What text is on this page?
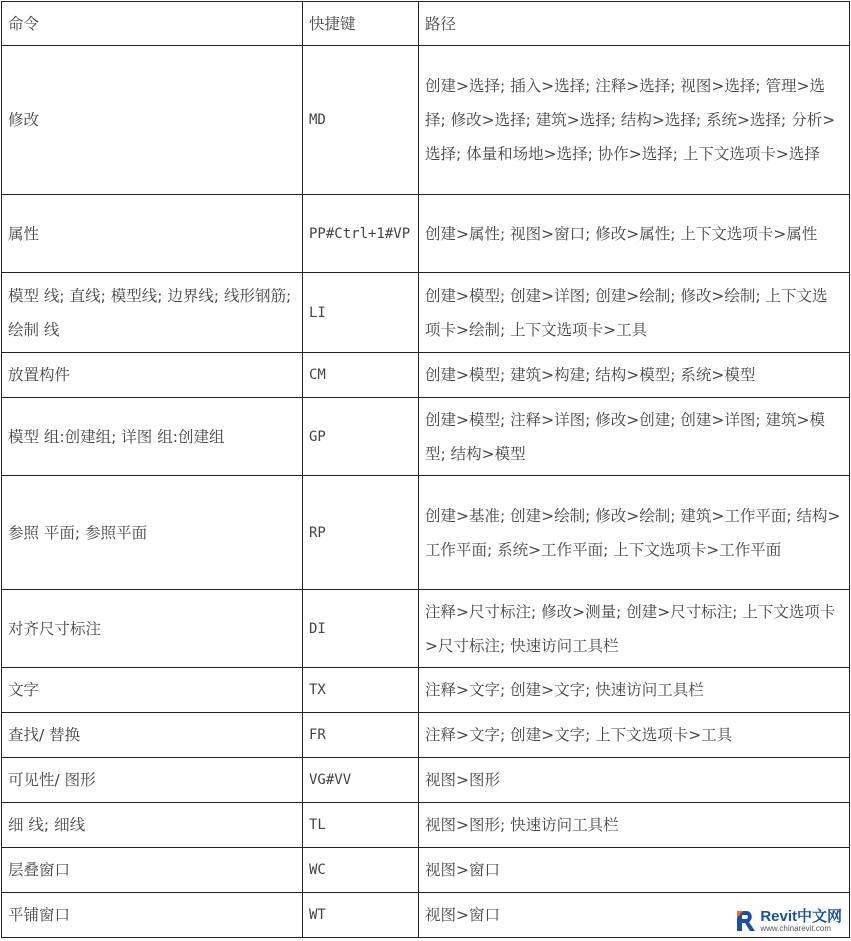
命令	快捷键	路径
修改	MD	创建>选择; 插入>选择; 注释>选择; 视图>选择; 管理>选择; 修改>选择; 建筑>选择; 结构>选择; 系统>选择; 分析>选择; 体量和场地>选择; 协作>选择; 上下文选项卡>选择
属性	PP#Ctrl+1#VP	创建>属性; 视图>窗口; 修改>属性; 上下文选项卡>属性
模型 线; 直线; 模型线; 边界线; 线形钢筋; 绘制 线	LI	创建>模型; 创建>详图; 创建>绘制; 修改>绘制; 上下文选项卡>绘制; 上下文选项卡>工具
放置构件	CM	创建>模型; 建筑>构建; 结构>模型; 系统>模型
模型 组:创建组; 详图 组:创建组	GP	创建>模型; 注释>详图; 修改>创建; 创建>详图; 建筑>模型; 结构>模型
参照 平面; 参照平面	RP	创建>基准; 创建>绘制; 修改>绘制; 建筑>工作平面; 结构>工作平面; 系统>工作平面; 上下文选项卡>工作平面
对齐尺寸标注	DI	注释>尺寸标注; 修改>测量; 创建>尺寸标注; 上下文选项卡>尺寸标注; 快速访问工具栏
文字	TX	注释>文字; 创建>文字; 快速访问工具栏
查找/ 替换	FR	注释>文字; 创建>文字; 上下文选项卡>工具
可见性/ 图形	VG#VV	视图>图形
细 线; 细线	TL	视图>图形; 快速访问工具栏
层叠窗口	WC	视图>窗口
平铺窗口	WT	视图>窗口	Revit中文网
www.chinarevit.com
